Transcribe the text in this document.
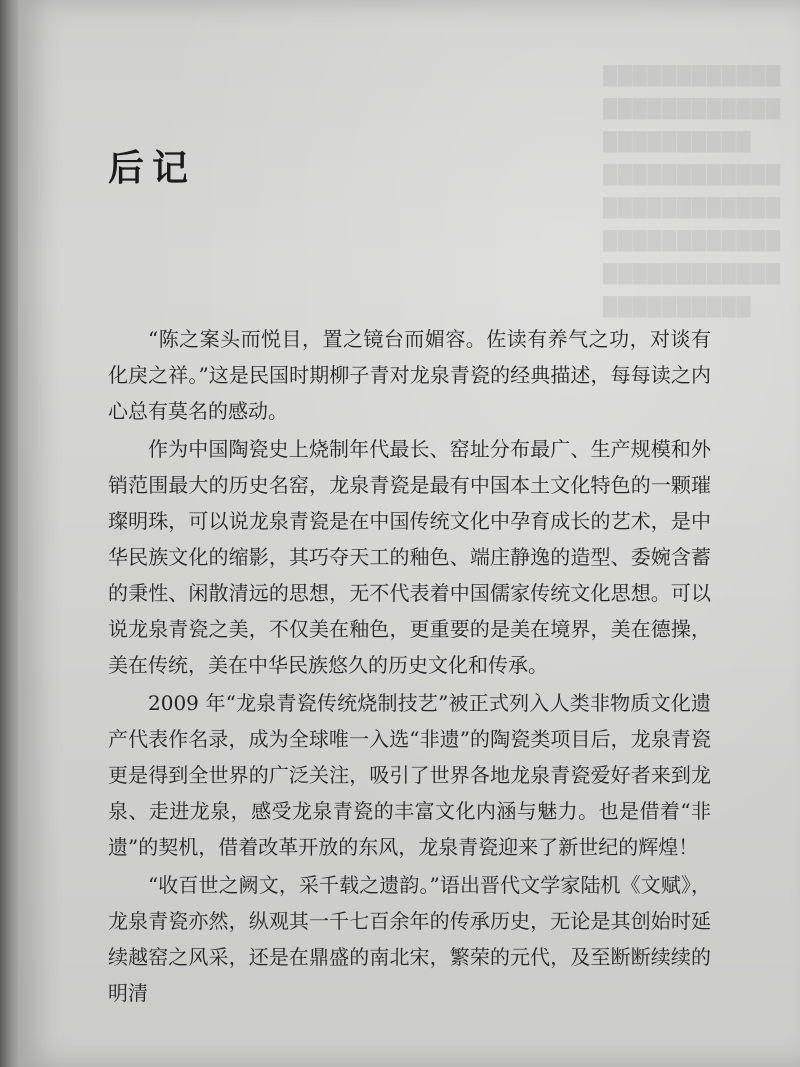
████████████
████████████
██████████
████████████
████████████
████████████
████████████
██████████
后记

“陈之案头而悦目，置之镜台而媚容。佐读有养气之功，对谈有化戾之祥。”这是民国时期柳子青对龙泉青瓷的经典描述，每每读之内心总有莫名的感动。

作为中国陶瓷史上烧制年代最长、窑址分布最广、生产规模和外销范围最大的历史名窑，龙泉青瓷是最有中国本土文化特色的一颗璀璨明珠，可以说龙泉青瓷是在中国传统文化中孕育成长的艺术，是中华民族文化的缩影，其巧夺天工的釉色、端庄静逸的造型、委婉含蓄的秉性、闲散清远的思想，无不代表着中国儒家传统文化思想。可以说龙泉青瓷之美，不仅美在釉色，更重要的是美在境界，美在德操，美在传统，美在中华民族悠久的历史文化和传承。

2009 年“龙泉青瓷传统烧制技艺”被正式列入人类非物质文化遗产代表作名录，成为全球唯一入选“非遗”的陶瓷类项目后，龙泉青瓷更是得到全世界的广泛关注，吸引了世界各地龙泉青瓷爱好者来到龙泉、走进龙泉，感受龙泉青瓷的丰富文化内涵与魅力。也是借着“非遗”的契机，借着改革开放的东风，龙泉青瓷迎来了新世纪的辉煌！

“收百世之阙文，采千载之遗韵。”语出晋代文学家陆机《文赋》，龙泉青瓷亦然，纵观其一千七百余年的传承历史，无论是其创始时延续越窑之风采，还是在鼎盛的南北宋，繁荣的元代，及至断断续续的明清
